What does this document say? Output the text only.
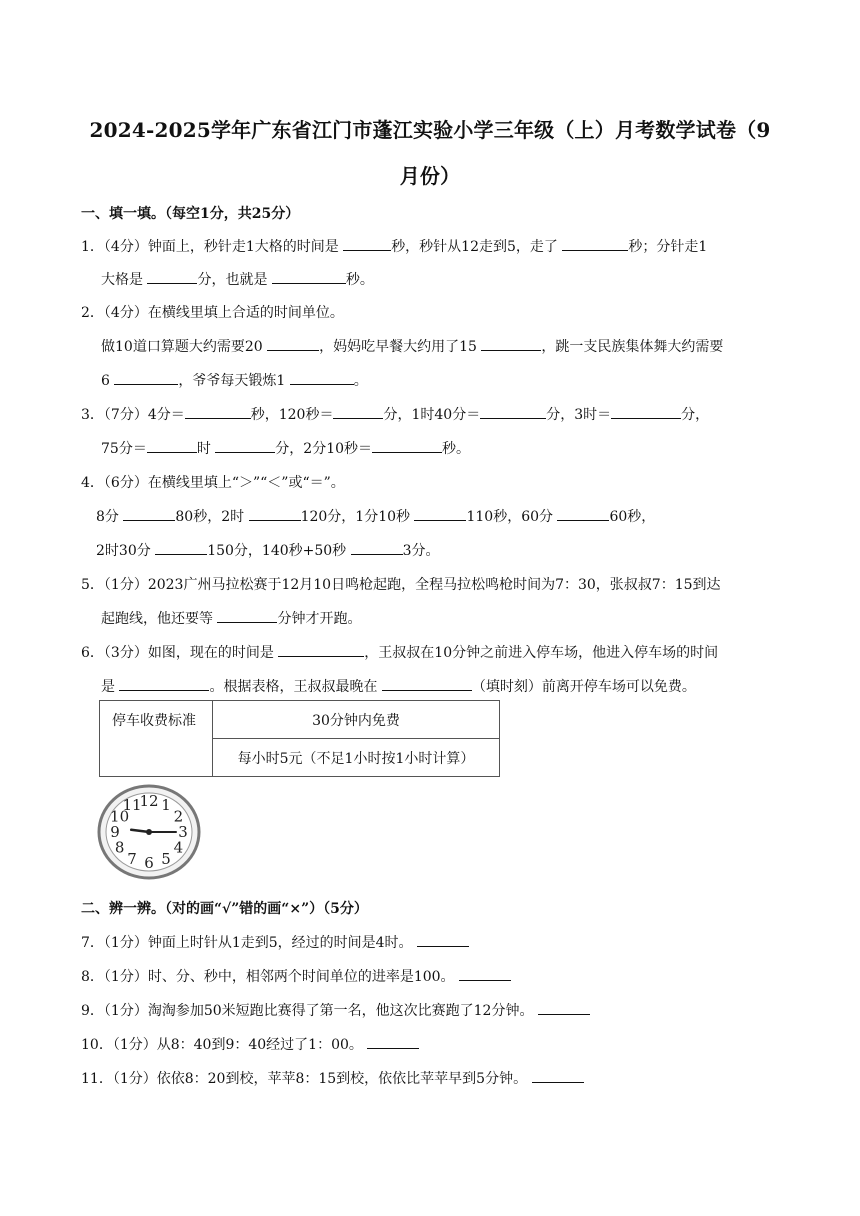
2024-2025学年广东省江门市蓬江实验小学三年级（上）月考数学试卷（9
月份）
一、填一填。（每空1分，共25分）
1．（4分）钟面上，秒针走1大格的时间是	秒，秒针从12走到5，走了	秒；分针走1
大格是	分，也就是	秒。
2．（4分）在横线里填上合适的时间单位。
做10道口算题大约需要20	，妈妈吃早餐大约用了15	，跳一支民族集体舞大约需要
6	，爷爷每天锻炼1	。
3．（7分）4分＝	秒，120秒＝	分，1时40分＝	分，3时＝	分，
75分＝	时	分，2分10秒＝	秒。
4．（6分）在横线里填上“＞”“＜”或“＝”。
8分	80秒，2时	120分，1分10秒	110秒，60分	60秒，
2时30分	150分，140秒+50秒	3分。
5．（1分）2023广州马拉松赛于12月10日鸣枪起跑，全程马拉松鸣枪时间为7：30，张叔叔7：15到达
起跑线，他还要等	分钟才开跑。
6．（3分）如图，现在的时间是	，王叔叔在10分钟之前进入停车场，他进入停车场的时间
是	。根据表格，王叔叔最晚在	（填时刻）前离开停车场可以免费。
停车收费标准	30分钟内免费
每小时5元（不足1小时按1小时计算）
12 1
2
3
4
5
6
7
8
9
10
11
二、辨一辨。（对的画“√”错的画“×”）（5分）
7．（1分）钟面上时针从1走到5，经过的时间是4时。
8．（1分）时、分、秒中，相邻两个时间单位的进率是100。
9．（1分）淘淘参加50米短跑比赛得了第一名，他这次比赛跑了12分钟。
10．（1分）从8：40到9：40经过了1：00。
11．（1分）依依8：20到校，苹苹8：15到校，依依比苹苹早到5分钟。
